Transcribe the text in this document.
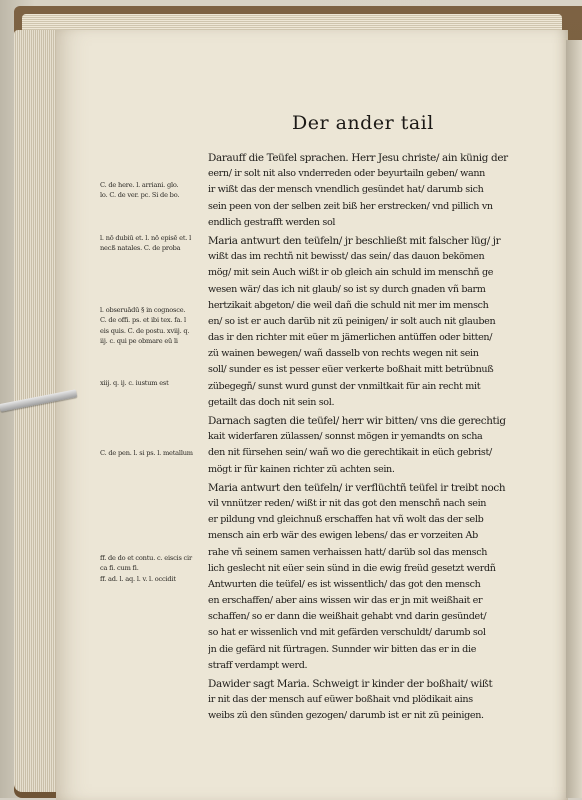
Der ander tail
C. de here. l. arriani. glo.
lo. C. de ver. pc. Si de bo.
l. nō dubiū et. l. nō episē et. l
necß natales. C. de proba
l. obseruādū § in cognosce.
C. de offi. ps. et ibi tex. fa. l
eis quis. C. de postu. xviij. q.
iij. c. qui pe obmare eū li
xiij. q. ij. c. iustum est
C. de pen. l. si ps. l. metallum
ff. de do et contu. c. eiscis cir
ca fi. cum fi.
ff. ad. l. aq. l. v. l. occidit

Darauff die Teüfel sprachen. Herr Jesu christe/ ain künig der
eern/ ir solt nit also vnderreden oder beyurtailn geben/ wann
ir wißt das der mensch vnendlich gesündet hat/ darumb sich
sein peen von der selben zeit biß her erstrecken/ vnd pillich vn
endlich gestrafft werden sol

Maria antwurt den teüfeln/ jr beschließt mit falscher lüg/ jr
wißt das im rechtñ nit bewisst/ das sein/ das dauon bekömen
mög/ mit sein Auch wißt ir ob gleich ain schuld im menschñ ge
wesen wär/ das ich nit glaub/ so ist sy durch gnaden vñ barm
hertzikait abgeton/ die weil dañ die schuld nit mer im mensch
en/ so ist er auch darüb nit zü peinigen/ ir solt auch nit glauben
das ir den richter mit eüer m jämerlichen antüffen oder bitten/
zü wainen bewegen/ wañ dasselb von rechts wegen nit sein
soll/ sunder es ist pesser eüer verkerte boßhait mitt betrübnuß
zübegegñ/ sunst wurd gunst der vnmiltkait für ain recht mit
getailt das doch nit sein sol.

Darnach sagten die teüfel/ herr wir bitten/ vns die gerechtig
kait widerfaren zülassen/ sonnst mögen ir yemandts on scha
den nit fürsehen sein/ wañ wo die gerechtikait in eüch gebrist/
mögt ir für kainen richter zü achten sein.

Maria antwurt den teüfeln/ ir verflüchtñ teüfel ir treibt noch
vil vnnützer reden/ wißt ir nit das got den menschñ nach sein
er pildung vnd gleichnuß erschaffen hat vñ wolt das der selb
mensch ain erb wär des ewigen lebens/ das er vorzeiten Ab
rahe vñ seinem samen verhaissen hatt/ darüb sol das mensch
lich geslecht nit eüer sein sünd in die ewig freüd gesetzt werdñ
Antwurten die teüfel/ es ist wissentlich/ das got den mensch
en erschaffen/ aber ains wissen wir das er jn mit weißhait er
schaffen/ so er dann die weißhait gehabt vnd darin gesündet/
so hat er wissenlich vnd mit gefärden verschuldt/ darumb sol
jn die gefärd nit fürtragen. Sunnder wir bitten das er in die
straff verdampt werd.

Dawider sagt Maria. Schweigt ir kinder der boßhait/ wißt
ir nit das der mensch auf eüwer boßhait vnd plödikait ains
weibs zü den sünden gezogen/ darumb ist er nit zü peinigen.
